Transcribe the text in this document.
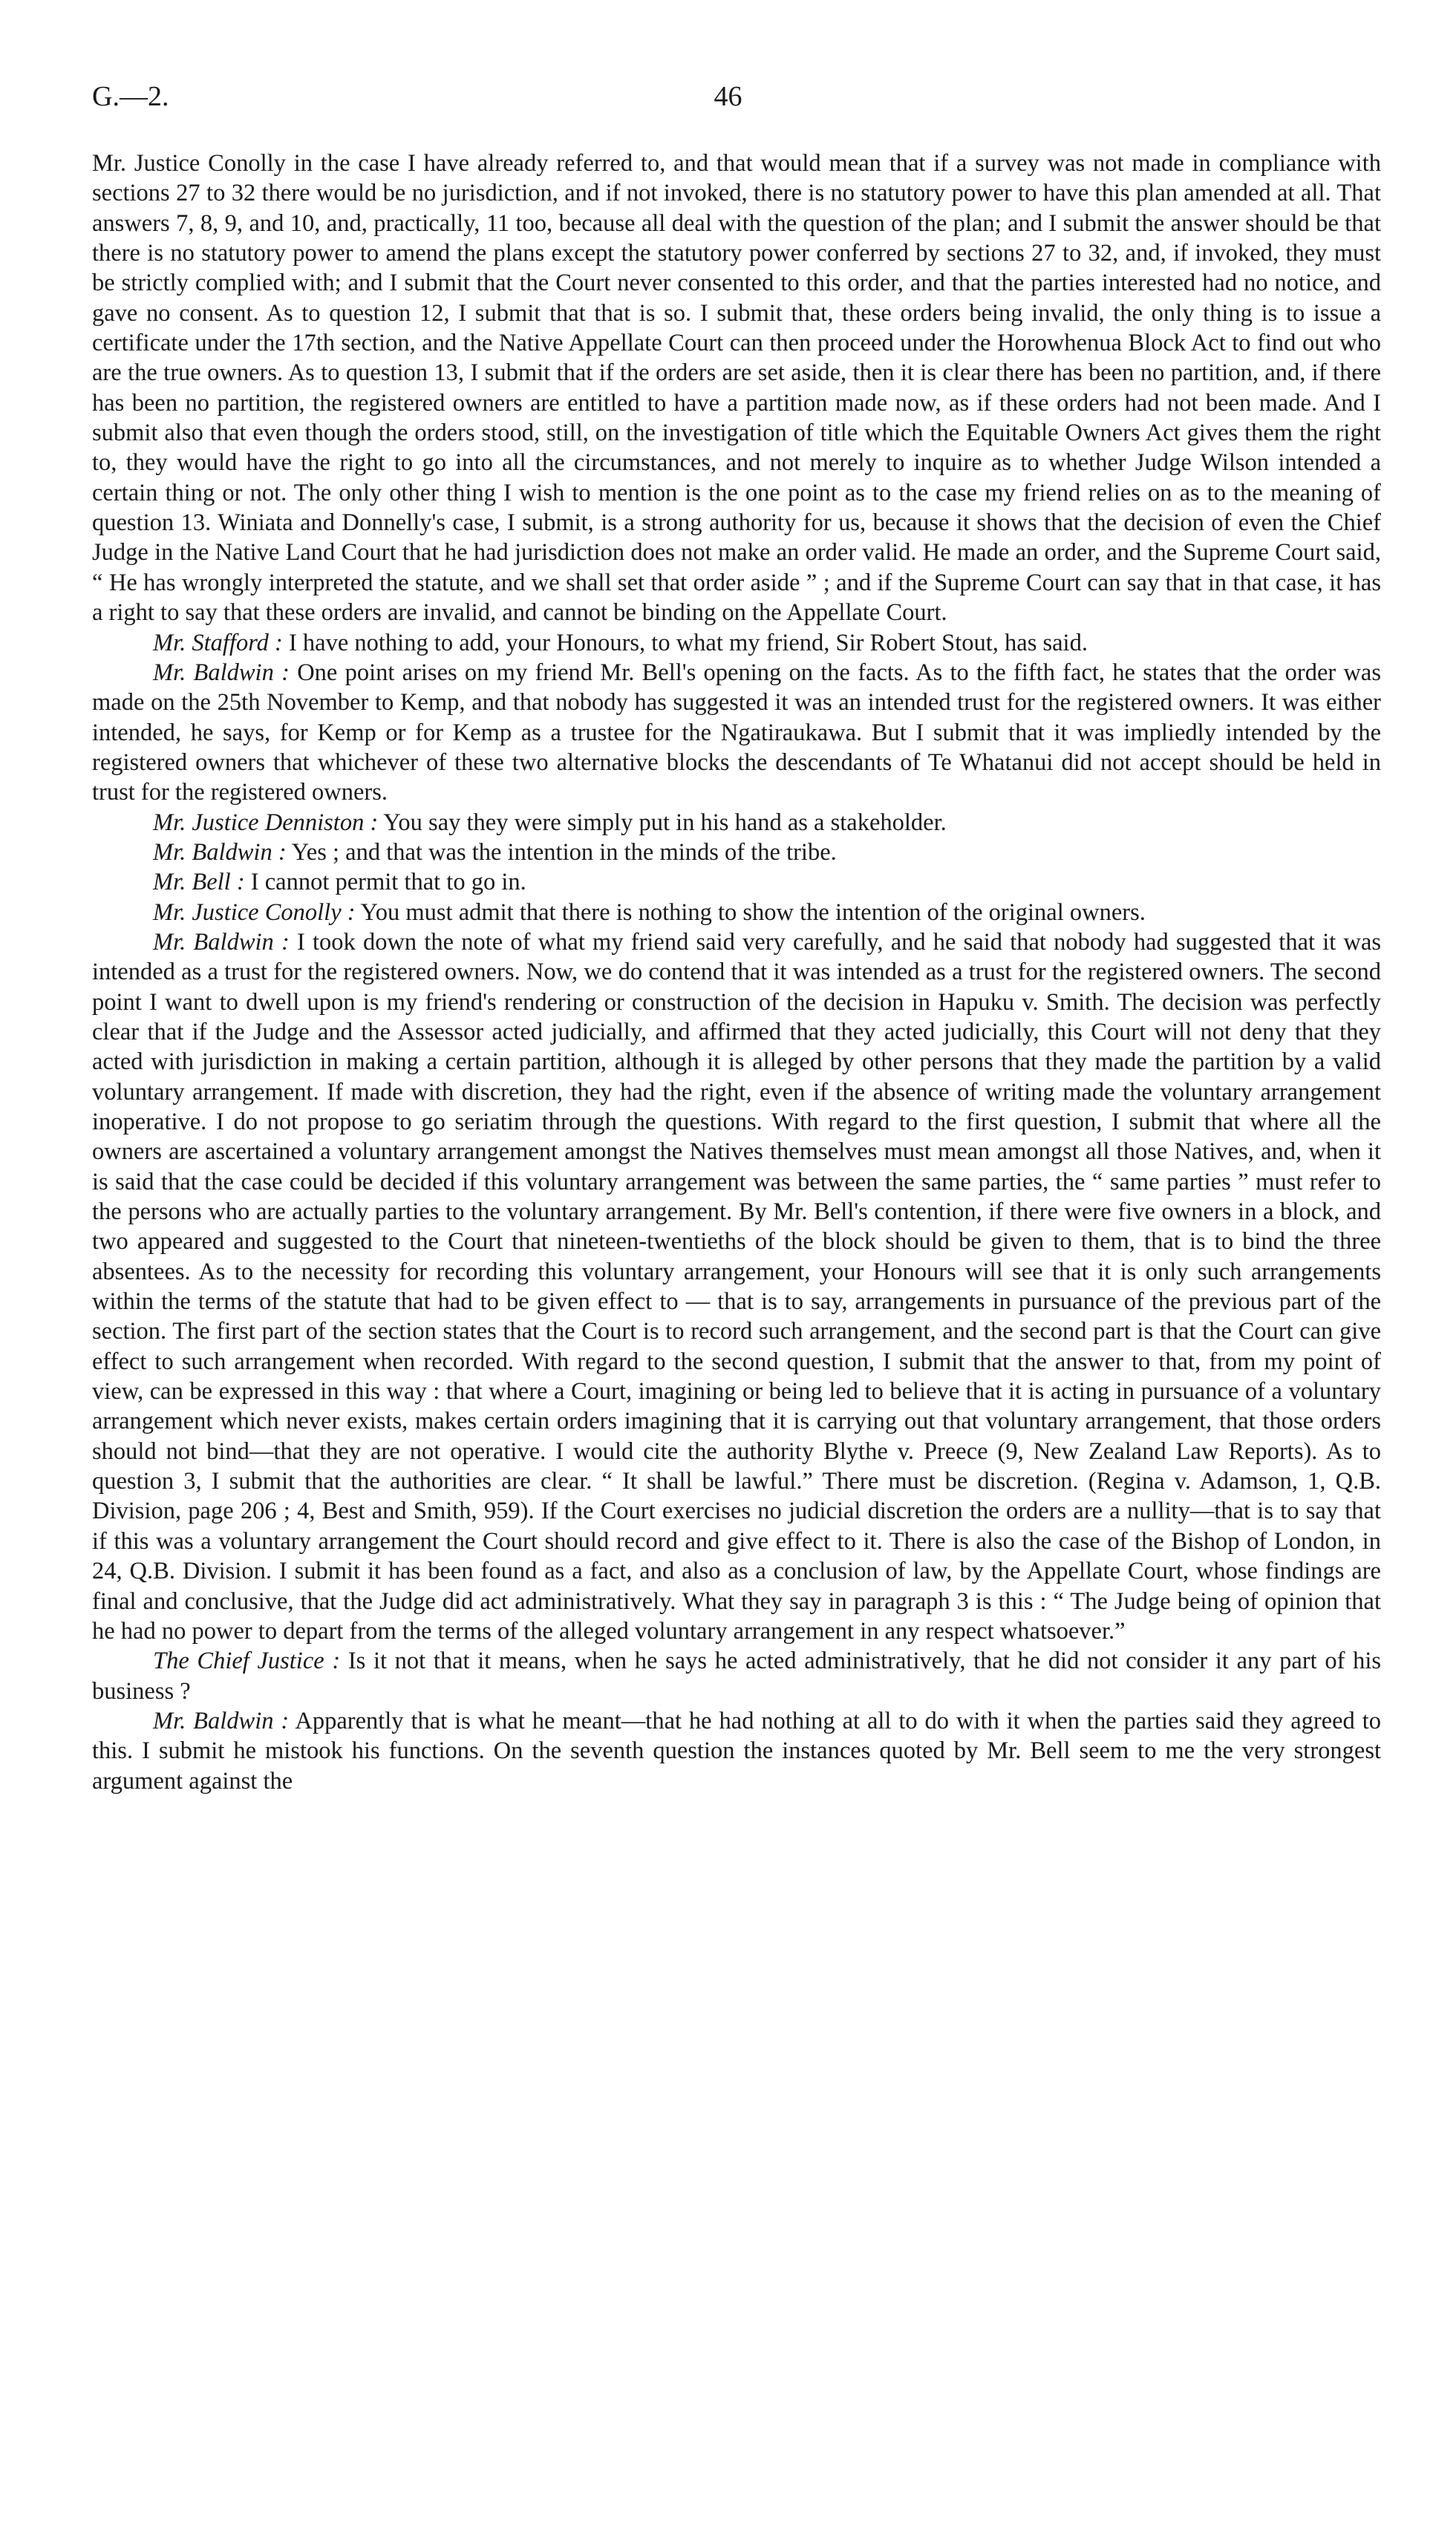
G.—2.	46

Mr. Justice Conolly in the case I have already referred to, and that would mean that if a survey was not made in compliance with sections 27 to 32 there would be no jurisdiction, and if not invoked, there is no statutory power to have this plan amended at all. That answers 7, 8, 9, and 10, and, practically, 11 too, because all deal with the question of the plan; and I submit the answer should be that there is no statutory power to amend the plans except the statutory power conferred by sections 27 to 32, and, if invoked, they must be strictly complied with; and I submit that the Court never consented to this order, and that the parties interested had no notice, and gave no consent. As to question 12, I submit that that is so. I submit that, these orders being invalid, the only thing is to issue a certificate under the 17th section, and the Native Appellate Court can then proceed under the Horowhenua Block Act to find out who are the true owners. As to question 13, I submit that if the orders are set aside, then it is clear there has been no partition, and, if there has been no partition, the registered owners are entitled to have a partition made now, as if these orders had not been made. And I submit also that even though the orders stood, still, on the investigation of title which the Equitable Owners Act gives them the right to, they would have the right to go into all the circumstances, and not merely to inquire as to whether Judge Wilson intended a certain thing or not. The only other thing I wish to mention is the one point as to the case my friend relies on as to the meaning of question 13. Winiata and Donnelly's case, I submit, is a strong authority for us, because it shows that the decision of even the Chief Judge in the Native Land Court that he had jurisdiction does not make an order valid. He made an order, and the Supreme Court said, “ He has wrongly interpreted the statute, and we shall set that order aside ” ; and if the Supreme Court can say that in that case, it has a right to say that these orders are invalid, and cannot be binding on the Appellate Court.

Mr. Stafford : I have nothing to add, your Honours, to what my friend, Sir Robert Stout, has said.

Mr. Baldwin : One point arises on my friend Mr. Bell's opening on the facts. As to the fifth fact, he states that the order was made on the 25th November to Kemp, and that nobody has suggested it was an intended trust for the registered owners. It was either intended, he says, for Kemp or for Kemp as a trustee for the Ngatiraukawa. But I submit that it was impliedly intended by the registered owners that whichever of these two alternative blocks the descendants of Te Whatanui did not accept should be held in trust for the registered owners.

Mr. Justice Denniston : You say they were simply put in his hand as a stakeholder.

Mr. Baldwin : Yes ; and that was the intention in the minds of the tribe.

Mr. Bell : I cannot permit that to go in.

Mr. Justice Conolly : You must admit that there is nothing to show the intention of the original owners.

Mr. Baldwin : I took down the note of what my friend said very carefully, and he said that nobody had suggested that it was intended as a trust for the registered owners. Now, we do contend that it was intended as a trust for the registered owners. The second point I want to dwell upon is my friend's rendering or construction of the decision in Hapuku v. Smith. The decision was perfectly clear that if the Judge and the Assessor acted judicially, and affirmed that they acted judicially, this Court will not deny that they acted with jurisdiction in making a certain partition, although it is alleged by other persons that they made the partition by a valid voluntary arrangement. If made with discretion, they had the right, even if the absence of writing made the voluntary arrangement inoperative. I do not propose to go seriatim through the questions. With regard to the first question, I submit that where all the owners are ascertained a voluntary arrangement amongst the Natives themselves must mean amongst all those Natives, and, when it is said that the case could be decided if this voluntary arrangement was between the same parties, the “ same parties ” must refer to the persons who are actually parties to the voluntary arrangement. By Mr. Bell's contention, if there were five owners in a block, and two appeared and suggested to the Court that nineteen-twentieths of the block should be given to them, that is to bind the three absentees. As to the necessity for recording this voluntary arrangement, your Honours will see that it is only such arrangements within the terms of the statute that had to be given effect to — that is to say, arrangements in pursuance of the previous part of the section. The first part of the section states that the Court is to record such arrangement, and the second part is that the Court can give effect to such arrangement when recorded. With regard to the second question, I submit that the answer to that, from my point of view, can be expressed in this way : that where a Court, imagining or being led to believe that it is acting in pursuance of a voluntary arrangement which never exists, makes certain orders imagining that it is carrying out that voluntary arrangement, that those orders should not bind—that they are not operative. I would cite the authority Blythe v. Preece (9, New Zealand Law Reports). As to question 3, I submit that the authorities are clear. “ It shall be lawful.” There must be discretion. (Regina v. Adamson, 1, Q.B. Division, page 206 ; 4, Best and Smith, 959). If the Court exercises no judicial discretion the orders are a nullity—that is to say that if this was a voluntary arrangement the Court should record and give effect to it. There is also the case of the Bishop of London, in 24, Q.B. Division. I submit it has been found as a fact, and also as a conclusion of law, by the Appellate Court, whose findings are final and conclusive, that the Judge did act administratively. What they say in paragraph 3 is this : “ The Judge being of opinion that he had no power to depart from the terms of the alleged voluntary arrangement in any respect whatsoever.”

The Chief Justice : Is it not that it means, when he says he acted administratively, that he did not consider it any part of his business ?

Mr. Baldwin : Apparently that is what he meant—that he had nothing at all to do with it when the parties said they agreed to this. I submit he mistook his functions. On the seventh question the instances quoted by Mr. Bell seem to me the very strongest argument against the
